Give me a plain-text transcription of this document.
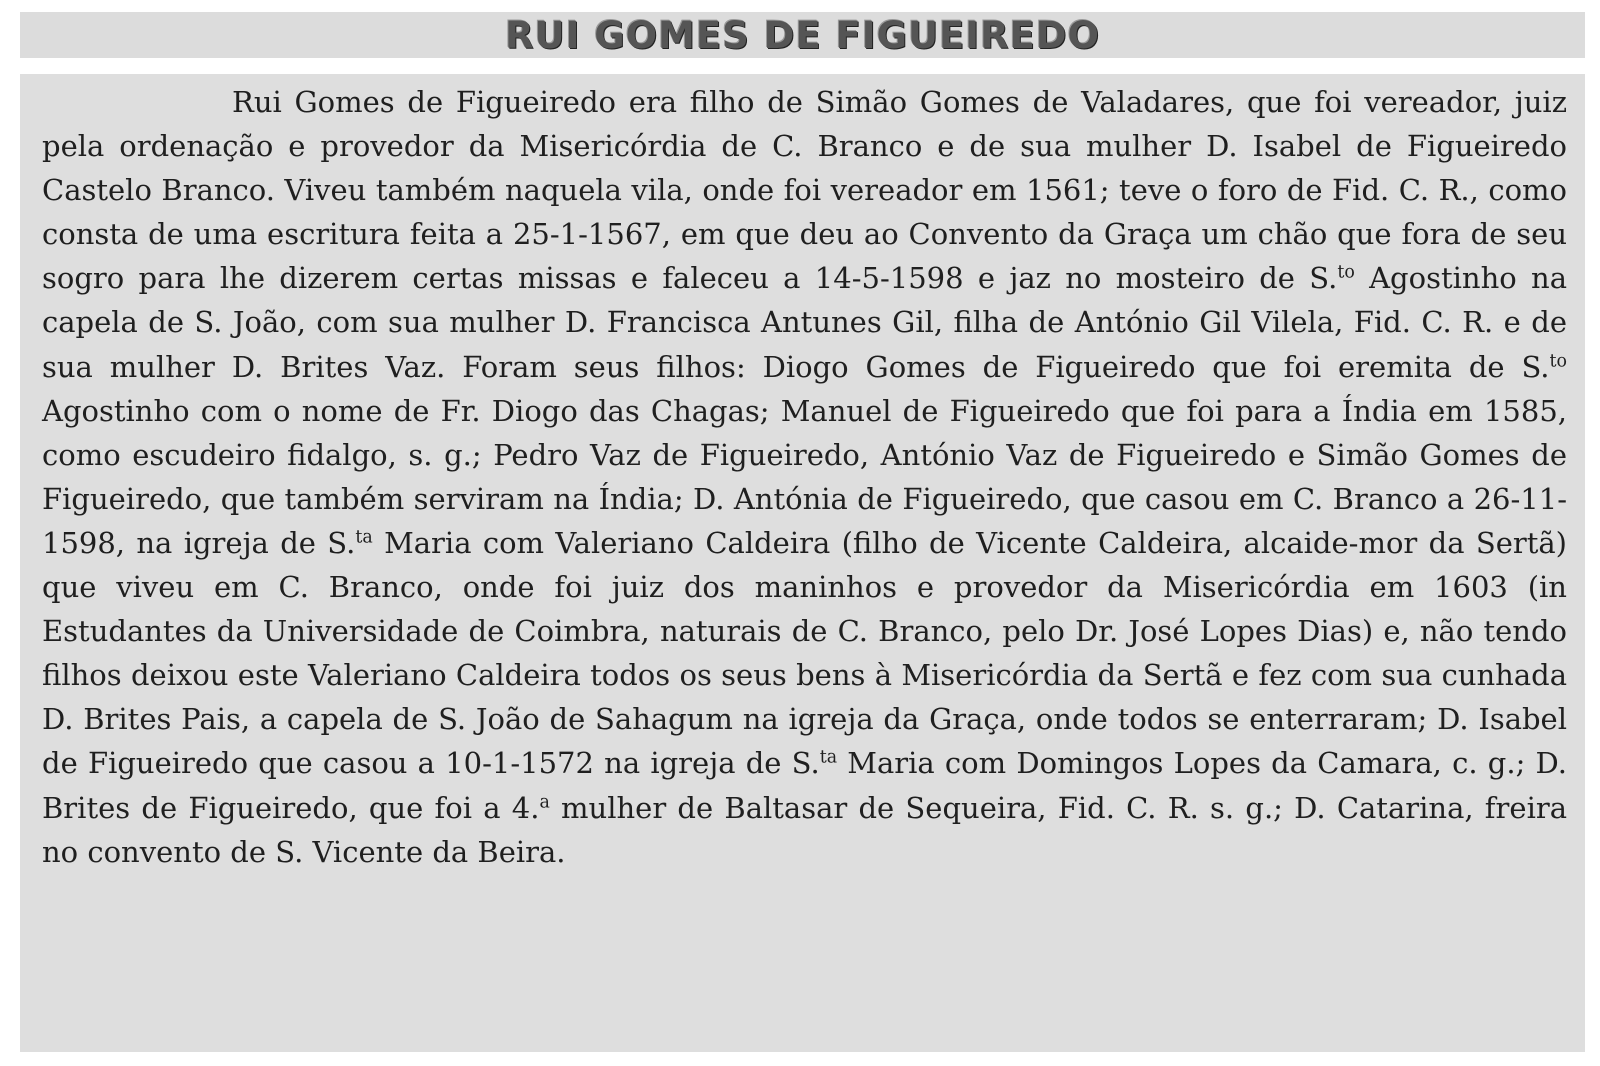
RUI GOMES DE FIGUEIREDO

Rui Gomes de Figueiredo era filho de Simão Gomes de Valadares, que foi vereador, juiz pela ordenação e provedor da Misericórdia de C. Branco e de sua mulher D. Isabel de Figueiredo Castelo Branco. Viveu também naquela vila, onde foi vereador em 1561; teve o foro de Fid. C. R., como consta de uma escritura feita a 25-1-1567, em que deu ao Convento da Graça um chão que fora de seu sogro para lhe dizerem certas missas e faleceu a 14-5-1598 e jaz no mosteiro de S.$^{to}$ Agostinho na capela de S. João, com sua mulher D. Francisca Antunes Gil, filha de António Gil Vilela, Fid. C. R. e de sua mulher D. Brites Vaz. Foram seus filhos: Diogo Gomes de Figueiredo que foi eremita de S.$^{to}$ Agostinho com o nome de Fr. Diogo das Chagas; Manuel de Figueiredo que foi para a Índia em 1585, como escudeiro fidalgo, s. g.; Pedro Vaz de Figueiredo, António Vaz de Figueiredo e Simão Gomes de Figueiredo, que também serviram na Índia; D. Antónia de Figueiredo, que casou em C. Branco a 26-11-1598, na igreja de S.$^{ta}$ Maria com Valeriano Caldeira (filho de Vicente Caldeira, alcaide-mor da Sertã) que viveu em C. Branco, onde foi juiz dos maninhos e provedor da Misericórdia em 1603 (in Estudantes da Universidade de Coimbra, naturais de C. Branco, pelo Dr. José Lopes Dias) e, não tendo filhos deixou este Valeriano Caldeira todos os seus bens à Misericórdia da Sertã e fez com sua cunhada D. Brites Pais, a capela de S. João de Sahagum na igreja da Graça, onde todos se enterraram; D. Isabel de Figueiredo que casou a 10-1-1572 na igreja de S.$^{ta}$ Maria com Domingos Lopes da Camara, c. g.; D. Brites de Figueiredo, que foi a 4.$^a$ mulher de Baltasar de Sequeira, Fid. C. R. s. g.; D. Catarina, freira no convento de S. Vicente da Beira.
